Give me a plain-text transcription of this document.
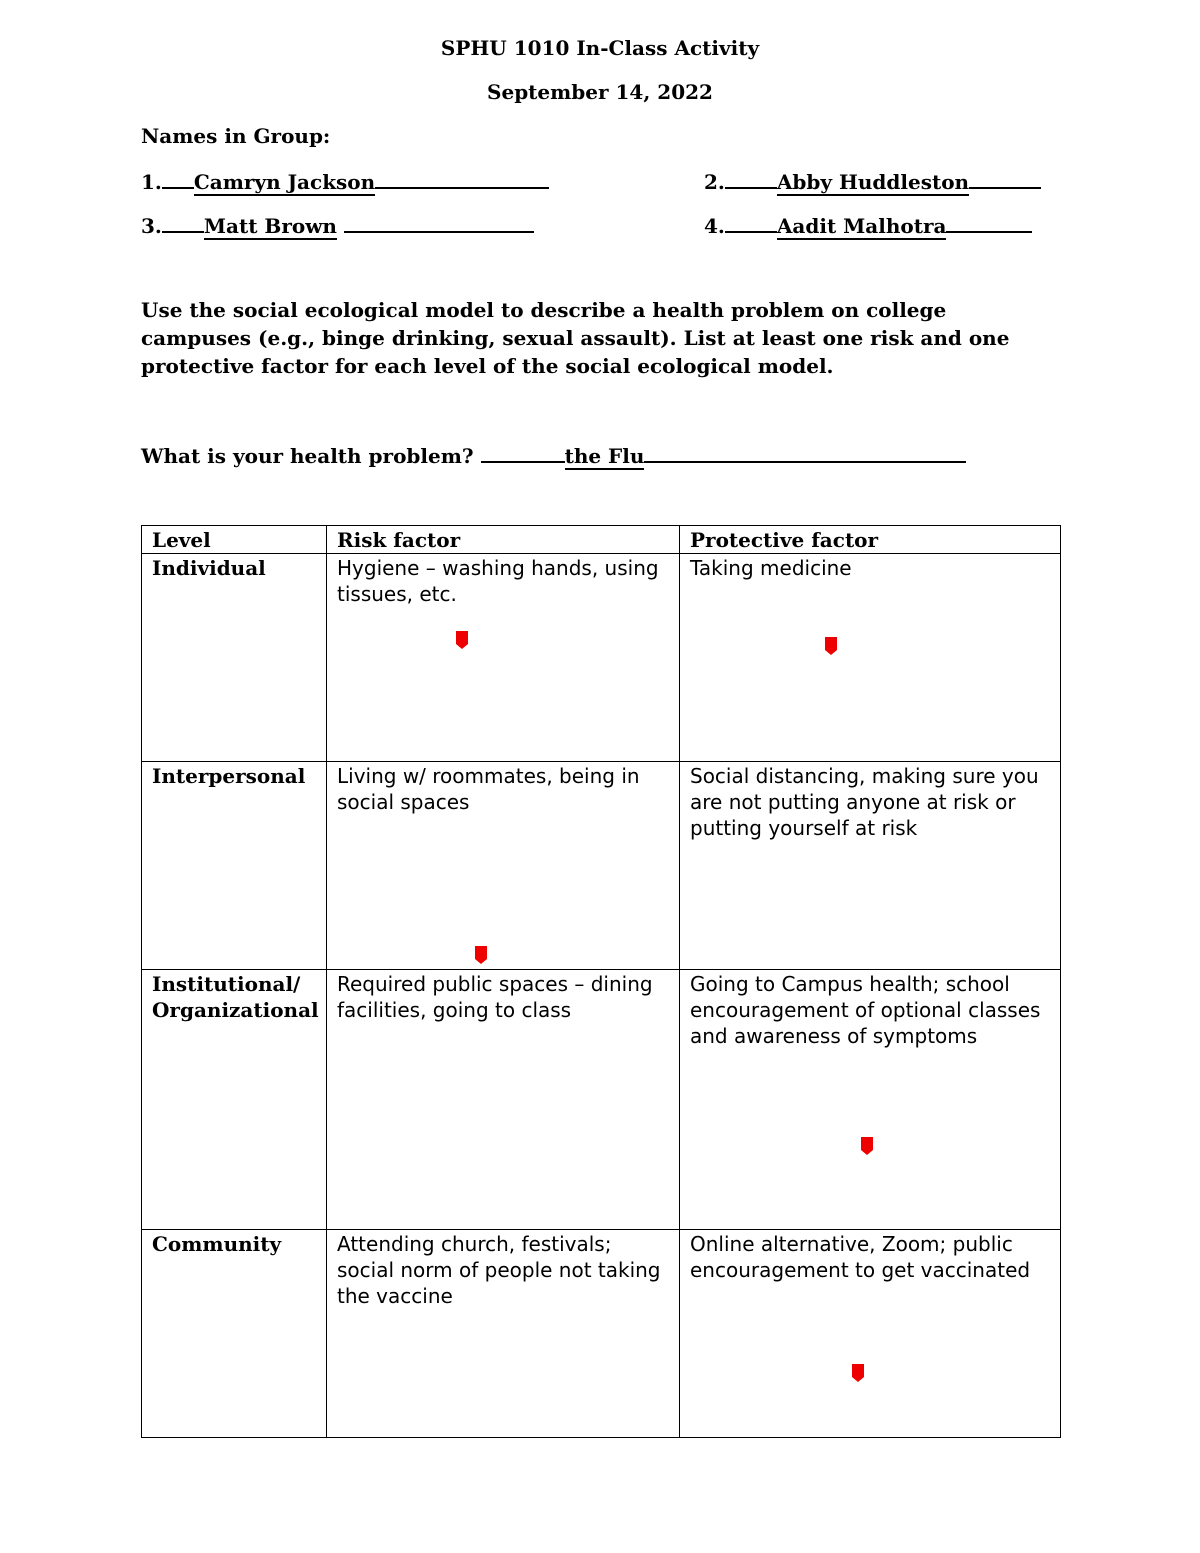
SPHU 1010 In-Class Activity
September 14, 2022
Names in Group:
1. Camryn Jackson	2.	Abby Huddleston
3. Matt Brown	4.	Aadit Malhotra
Use the social ecological model to describe a health problem on college campuses (e.g., binge drinking, sexual assault). List at least one risk and one protective factor for each level of the social ecological model.
What is your health problem?	the Flu
Level	Risk factor	Protective factor
Individual	Hygiene – washing hands, using tissues, etc.	Taking medicine

Interpersonal	Living w/ roommates, being in social spaces	Social distancing, making sure you are not putting anyone at risk or putting yourself at risk
Institutional/ Organizational	Required public spaces – dining facilities, going to class	Going to Campus health; school encouragement of optional classes and awareness of symptoms

Community	Attending church, festivals; social norm of people not taking the vaccine	Online alternative, Zoom; public encouragement to get vaccinated
